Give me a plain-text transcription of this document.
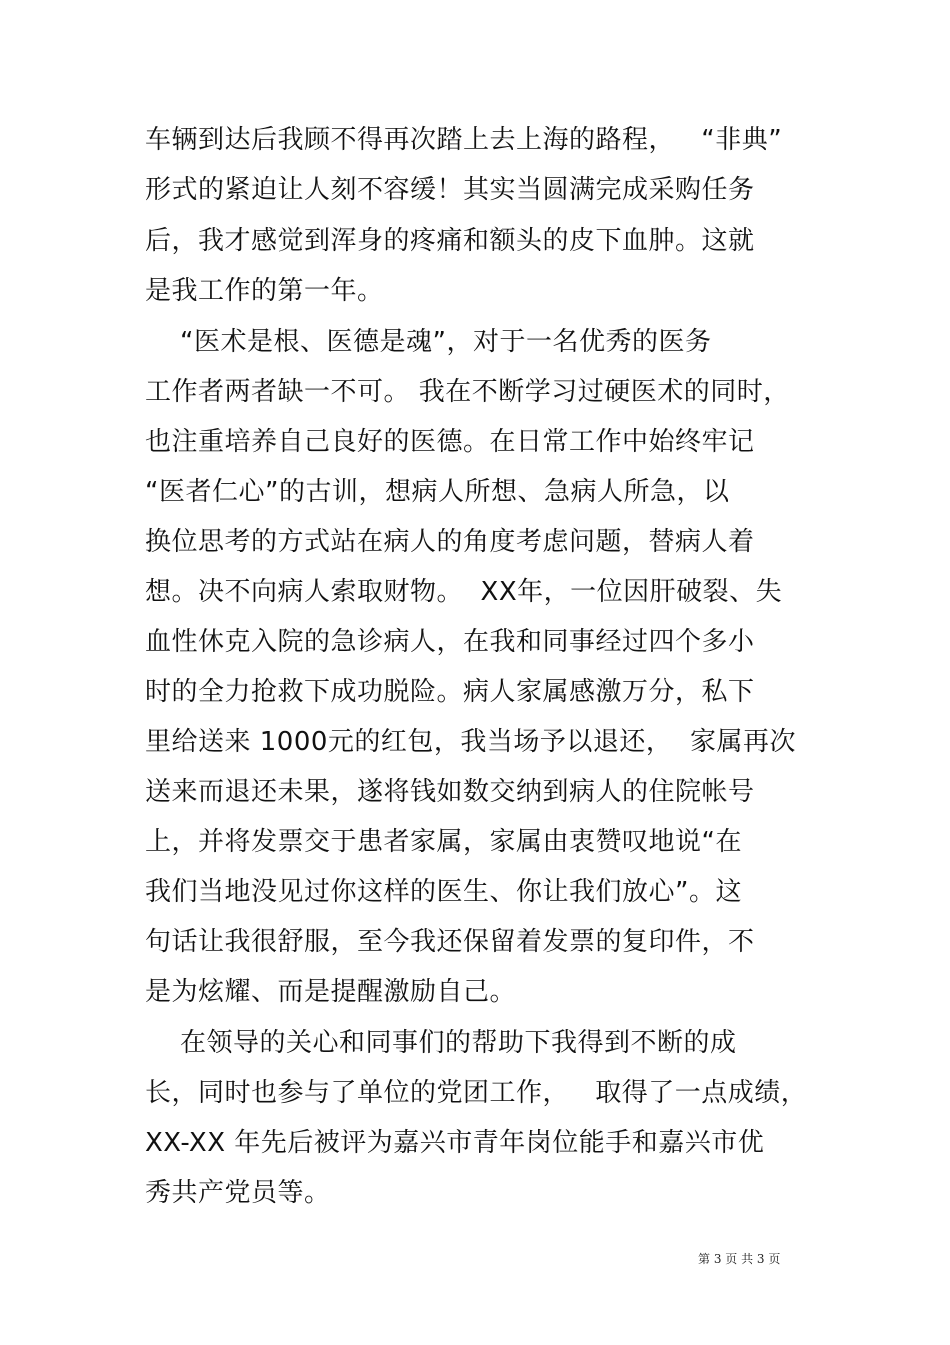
车辆到达后我顾不得再次踏上去上海的路程，   “非典”
形式的紧迫让人刻不容缓！其实当圆满完成采购任务
后，我才感觉到浑身的疼痛和额头的皮下血肿。这就
是我工作的第一年。
“医术是根、医德是魂”，对于一名优秀的医务
工作者两者缺一不可。 我在不断学习过硬医术的同时，
也注重培养自己良好的医德。在日常工作中始终牢记
“医者仁心”的古训，想病人所想、急病人所急，以
换位思考的方式站在病人的角度考虑问题，替病人着
想。决不向病人索取财物。  XX年，一位因肝破裂、失
血性休克入院的急诊病人，在我和同事经过四个多小
时的全力抢救下成功脱险。病人家属感激万分，私下
里给送来 1000元的红包，我当场予以退还，  家属再次
送来而退还未果，遂将钱如数交纳到病人的住院帐号
上，并将发票交于患者家属，家属由衷赞叹地说“在
我们当地没见过你这样的医生、你让我们放心”。这
句话让我很舒服，至今我还保留着发票的复印件，不
是为炫耀、而是提醒激励自己。
在领导的关心和同事们的帮助下我得到不断的成
长，同时也参与了单位的党团工作，   取得了一点成绩，
XX-XX 年先后被评为嘉兴市青年岗位能手和嘉兴市优
秀共产党员等。
第 3 页 共 3 页
